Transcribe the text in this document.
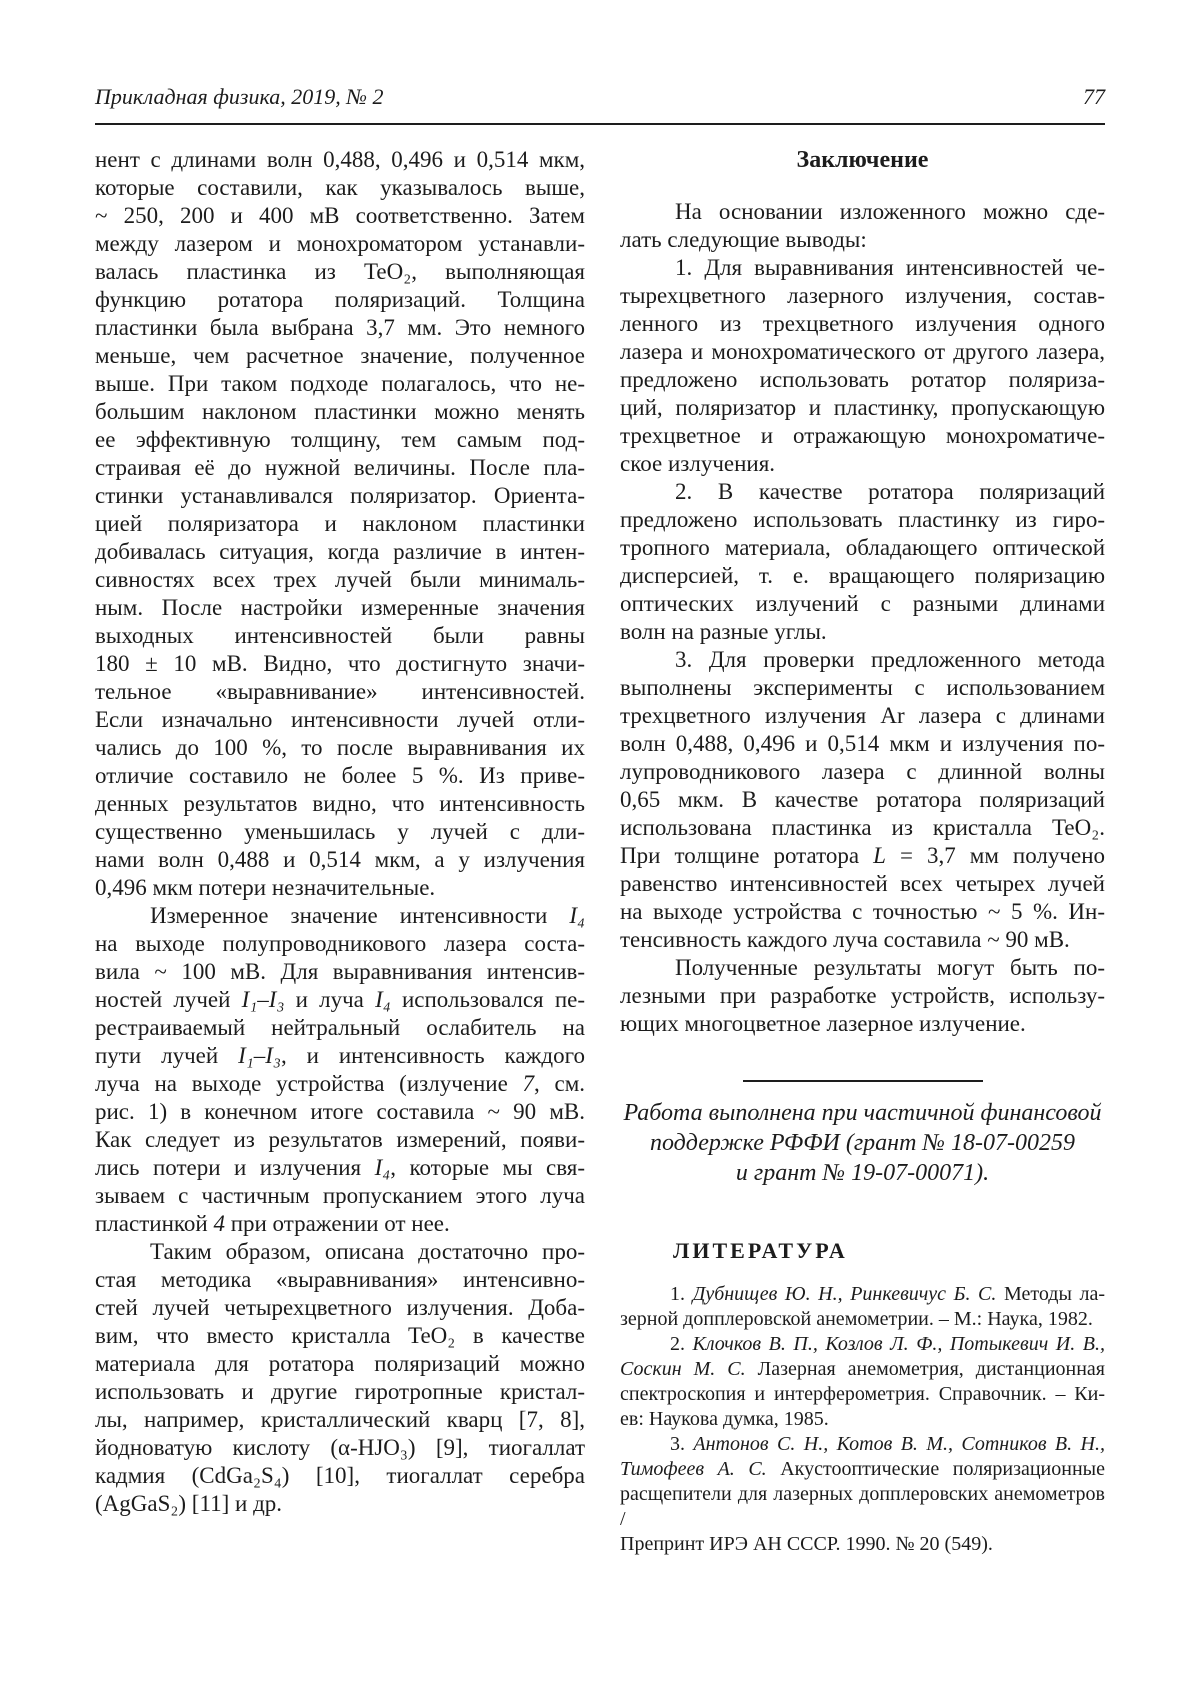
Прикладная физика, 2019, № 2	77
нент с длинами волн 0,488, 0,496 и 0,514 мкм,
которые составили, как указывалось выше,
~ 250, 200 и 400 мВ соответственно. Затем
между лазером и монохроматором устанавли-
валась пластинка из TeO₂, выполняющая
функцию ротатора поляризаций. Толщина
пластинки была выбрана 3,7 мм. Это немного
меньше, чем расчетное значение, полученное
выше. При таком подходе полагалось, что не-
большим наклоном пластинки можно менять
ее эффективную толщину, тем самым под-
страивая её до нужной величины. После пла-
стинки устанавливался поляризатор. Ориента-
цией поляризатора и наклоном пластинки
добивалась ситуация, когда различие в интен-
сивностях всех трех лучей были минималь-
ным. После настройки измеренные значения
выходных интенсивностей были равны
180 ± 10 мВ. Видно, что достигнуто значи-
тельное «выравнивание» интенсивностей.
Если изначально интенсивности лучей отли-
чались до 100 %, то после выравнивания их
отличие составило не более 5 %. Из приве-
денных результатов видно, что интенсивность
существенно уменьшилась у лучей с дли-
нами волн 0,488 и 0,514 мкм, а у излучения
0,496 мкм потери незначительные.
Измеренное значение интенсивности I₄
на выходе полупроводникового лазера соста-
вила ~ 100 мВ. Для выравнивания интенсив-
ностей лучей I₁–I₃ и луча I₄ использовался пе-
рестраиваемый нейтральный ослабитель на
пути лучей I₁–I₃, и интенсивность каждого
луча на выходе устройства (излучение 7, см.
рис. 1) в конечном итоге составила ~ 90 мВ.
Как следует из результатов измерений, появи-
лись потери и излучения I₄, которые мы свя-
зываем с частичным пропусканием этого луча
пластинкой 4 при отражении от нее.
Таким образом, описана достаточно про-
стая методика «выравнивания» интенсивно-
стей лучей четырехцветного излучения. Доба-
вим, что вместо кристалла TeO₂ в качестве
материала для ротатора поляризаций можно
использовать и другие гиротропные кристал-
лы, например, кристаллический кварц [7, 8],
йодноватую кислоту (α-HJO₃) [9], тиогаллат
кадмия (CdGa₂S₄) [10], тиогаллат серебра
(AgGaS₂) [11] и др.
Заключение
На основании изложенного можно сде-
лать следующие выводы:
1. Для выравнивания интенсивностей че-
тырехцветного лазерного излучения, состав-
ленного из трехцветного излучения одного
лазера и монохроматического от другого лазера,
предложено использовать ротатор поляриза-
ций, поляризатор и пластинку, пропускающую
трехцветное и отражающую монохроматиче-
ское излучения.
2. В качестве ротатора поляризаций
предложено использовать пластинку из гиро-
тропного материала, обладающего оптической
дисперсией, т. е. вращающего поляризацию
оптических излучений с разными длинами
волн на разные углы.
3. Для проверки предложенного метода
выполнены эксперименты с использованием
трехцветного излучения Ar лазера с длинами
волн 0,488, 0,496 и 0,514 мкм и излучения по-
лупроводникового лазера с длинной волны
0,65 мкм. В качестве ротатора поляризаций
использована пластинка из кристалла TeO₂.
При толщине ротатора L = 3,7 мм получено
равенство интенсивностей всех четырех лучей
на выходе устройства с точностью ~ 5 %. Ин-
тенсивность каждого луча составила ~ 90 мВ.
Полученные результаты могут быть по-
лезными при разработке устройств, использу-
ющих многоцветное лазерное излучение.
Работа выполнена при частичной финансовой
поддержке РФФИ (грант № 18-07-00259
и грант № 19-07-00071).
ЛИТЕРАТУРА
1. Дубнищев Ю. Н., Ринкевичус Б. С. Методы ла-
зерной допплеровской анемометрии. – М.: Наука, 1982.
2. Клочков В. П., Козлов Л. Ф., Потыкевич И. В.,
Соскин М. С. Лазерная анемометрия, дистанционная
спектроскопия и интерферометрия. Справочник. – Ки-
ев: Наукова думка, 1985.
3. Антонов С. Н., Котов В. М., Сотников В. Н.,
Тимофеев А. С. Акустооптические поляризационные
расщепители для лазерных допплеровских анемометров /
Препринт ИРЭ АН СССР. 1990. № 20 (549).
